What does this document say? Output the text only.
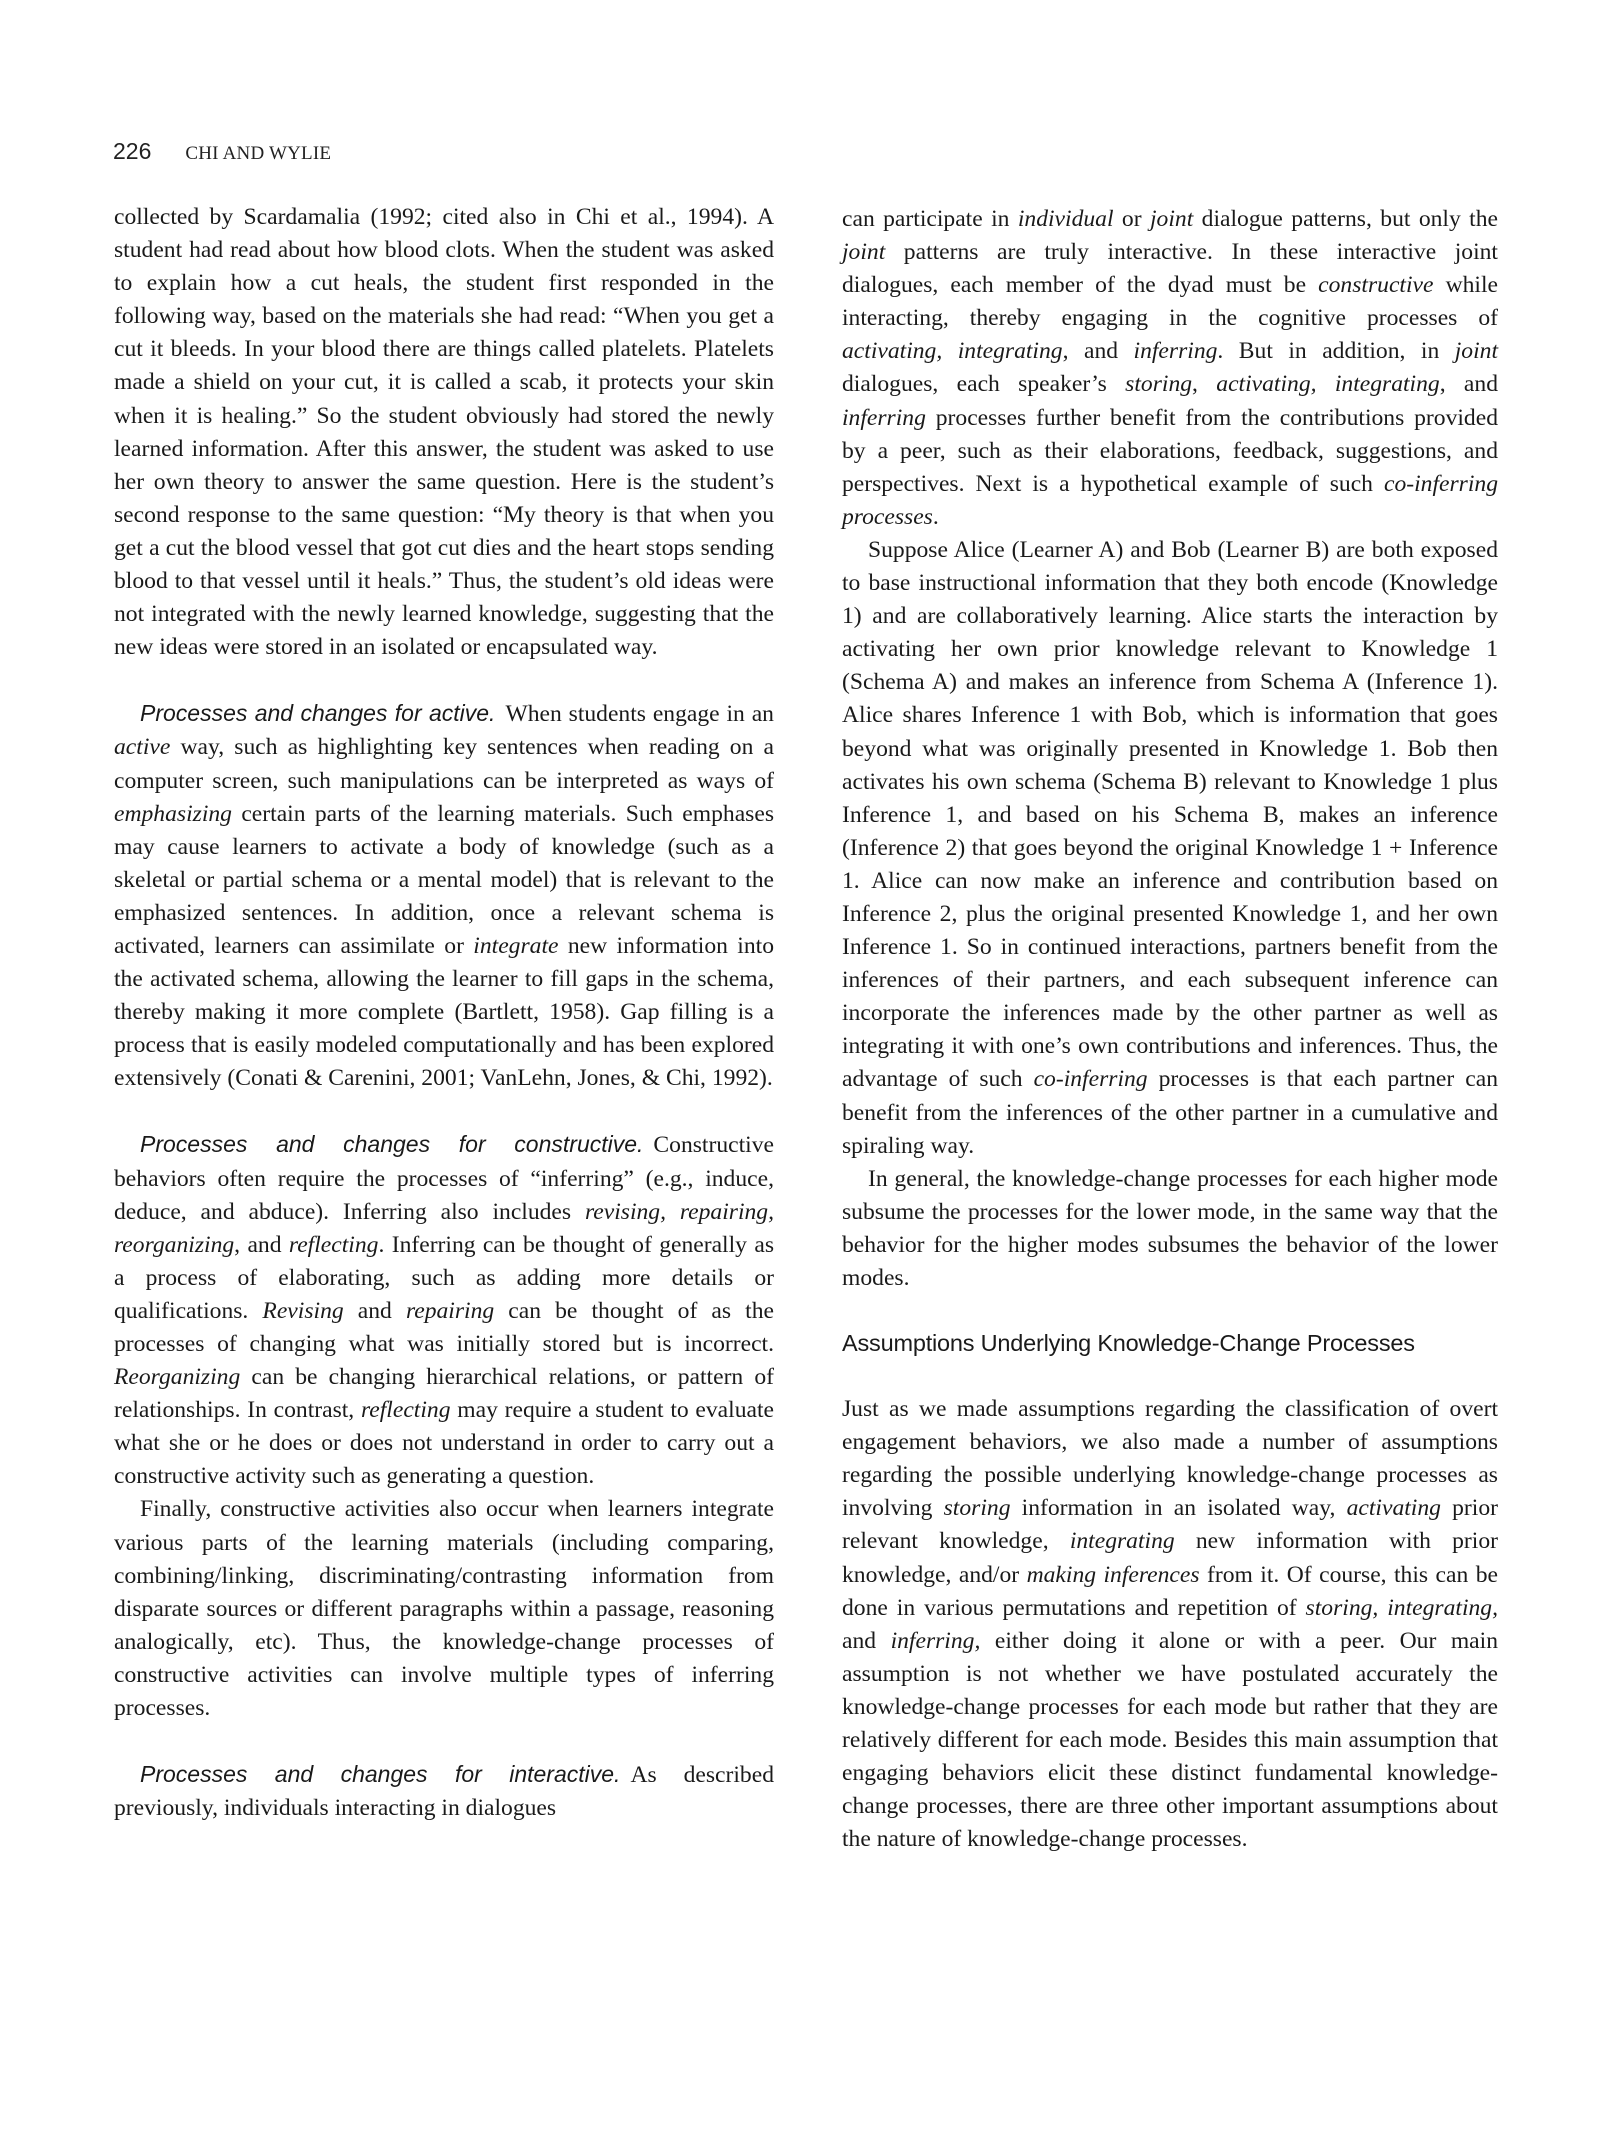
226 CHI AND WYLIE

collected by Scardamalia (1992; cited also in Chi et al., 1994). A student had read about how blood clots. When the student was asked to explain how a cut heals, the student first responded in the following way, based on the materials she had read: “When you get a cut it bleeds. In your blood there are things called platelets. Platelets made a shield on your cut, it is called a scab, it protects your skin when it is healing.” So the student obviously had stored the newly learned information. After this answer, the student was asked to use her own theory to answer the same question. Here is the student’s second response to the same question: “My theory is that when you get a cut the blood vessel that got cut dies and the heart stops sending blood to that vessel until it heals.” Thus, the student’s old ideas were not integrated with the newly learned knowledge, suggesting that the new ideas were stored in an isolated or encapsulated way.

Processes and changes for active. When students engage in an active way, such as highlighting key sentences when reading on a computer screen, such manipulations can be interpreted as ways of emphasizing certain parts of the learning materials. Such emphases may cause learners to activate a body of knowledge (such as a skeletal or partial schema or a mental model) that is relevant to the emphasized sentences. In addition, once a relevant schema is activated, learners can assimilate or integrate new information into the activated schema, allowing the learner to fill gaps in the schema, thereby making it more complete (Bartlett, 1958). Gap filling is a process that is easily modeled computationally and has been explored extensively (Conati & Carenini, 2001; VanLehn, Jones, & Chi, 1992).

Processes and changes for constructive. Constructive behaviors often require the processes of “inferring” (e.g., induce, deduce, and abduce). Inferring also includes revising, repairing, reorganizing, and reflecting. Inferring can be thought of generally as a process of elaborating, such as adding more details or qualifications. Revising and repairing can be thought of as the processes of changing what was initially stored but is incorrect. Reorganizing can be changing hierarchical relations, or pattern of relationships. In contrast, reflecting may require a student to evaluate what she or he does or does not understand in order to carry out a constructive activity such as generating a question.

Finally, constructive activities also occur when learners integrate various parts of the learning materials (including comparing, combining/linking, discriminating/contrasting information from disparate sources or different paragraphs within a passage, reasoning analogically, etc). Thus, the knowledge-change processes of constructive activities can involve multiple types of inferring processes.

Processes and changes for interactive. As described previously, individuals interacting in dialogues

can participate in individual or joint dialogue patterns, but only the joint patterns are truly interactive. In these interactive joint dialogues, each member of the dyad must be constructive while interacting, thereby engaging in the cognitive processes of activating, integrating, and inferring. But in addition, in joint dialogues, each speaker’s storing, activating, integrating, and inferring processes further benefit from the contributions provided by a peer, such as their elaborations, feedback, suggestions, and perspectives. Next is a hypothetical example of such co-inferring processes.

Suppose Alice (Learner A) and Bob (Learner B) are both exposed to base instructional information that they both encode (Knowledge 1) and are collaboratively learning. Alice starts the interaction by activating her own prior knowledge relevant to Knowledge 1 (Schema A) and makes an inference from Schema A (Inference 1). Alice shares Inference 1 with Bob, which is information that goes beyond what was originally presented in Knowledge 1. Bob then activates his own schema (Schema B) relevant to Knowledge 1 plus Inference 1, and based on his Schema B, makes an inference (Inference 2) that goes beyond the original Knowledge 1 + Inference 1. Alice can now make an inference and contribution based on Inference 2, plus the original presented Knowledge 1, and her own Inference 1. So in continued interactions, partners benefit from the inferences of their partners, and each subsequent inference can incorporate the inferences made by the other partner as well as integrating it with one’s own contributions and inferences. Thus, the advantage of such co-inferring processes is that each partner can benefit from the inferences of the other partner in a cumulative and spiraling way.

In general, the knowledge-change processes for each higher mode subsume the processes for the lower mode, in the same way that the behavior for the higher modes subsumes the behavior of the lower modes.

Assumptions Underlying Knowledge-Change Processes

Just as we made assumptions regarding the classification of overt engagement behaviors, we also made a number of assumptions regarding the possible underlying knowledge-change processes as involving storing information in an isolated way, activating prior relevant knowledge, integrating new information with prior knowledge, and/or making inferences from it. Of course, this can be done in various permutations and repetition of storing, integrating, and inferring, either doing it alone or with a peer. Our main assumption is not whether we have postulated accurately the knowledge-change processes for each mode but rather that they are relatively different for each mode. Besides this main assumption that engaging behaviors elicit these distinct fundamental knowledge-change processes, there are three other important assumptions about the nature of knowledge-change processes.
